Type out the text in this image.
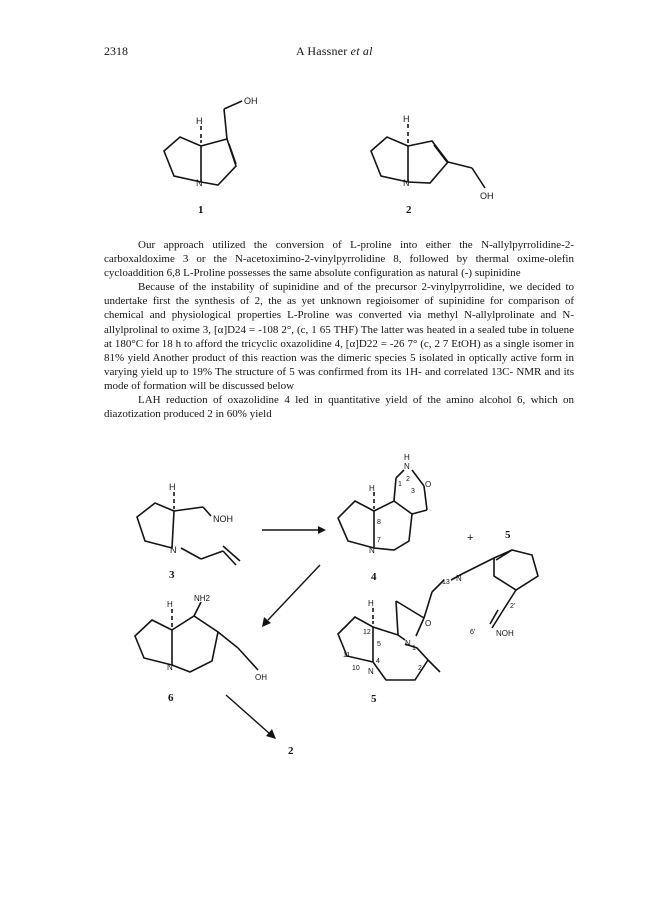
2318	A Hassner et al
H
OH
N
1
H
OH
N
2

Our approach utilized the conversion of L-proline into either the N-allylpyrrolidine-2-carboxaldoxime 3 or the N-acetoximino-2-vinylpyrrolidine 8, followed by thermal oxime-olefin cycloaddition 6,8 L-Proline possesses the same absolute configuration as natural (-) supinidine

Because of the instability of supinidine and of the precursor 2-vinylpyrrolidine, we decided to undertake first the synthesis of 2, the as yet unknown regioisomer of supinidine for comparison of chemical and physiological properties L-Proline was converted via methyl N-allylprolinate and N-allylprolinal to oxime 3, [α]D24 = -108 2°, (c, 1 65 THF) The latter was heated in a sealed tube in toluene at 180°C for 18 h to afford the tricyclic oxazolidine 4, [α]D22 = -26 7° (c, 2 7 EtOH) as a single isomer in 81% yield Another product of this reaction was the dimeric species 5 isolated in optically active form in varying yield up to 19% The structure of 5 was confirmed from its 1H- and correlated 13C- NMR and its mode of formation will be discussed below

LAH reduction of oxazolidine 4 led in quantitative yield of the amino alcohol 6, which on diazotization produced 2 in 60% yield

H
NOH
N
3
H
N
2
O
3
1
H
8
7
N
4
+	5
13 N
2'
6'	NOH
O
H
12
5	N
1
11
4
10 N	2
5
NH2
H
N
OH
6
2
